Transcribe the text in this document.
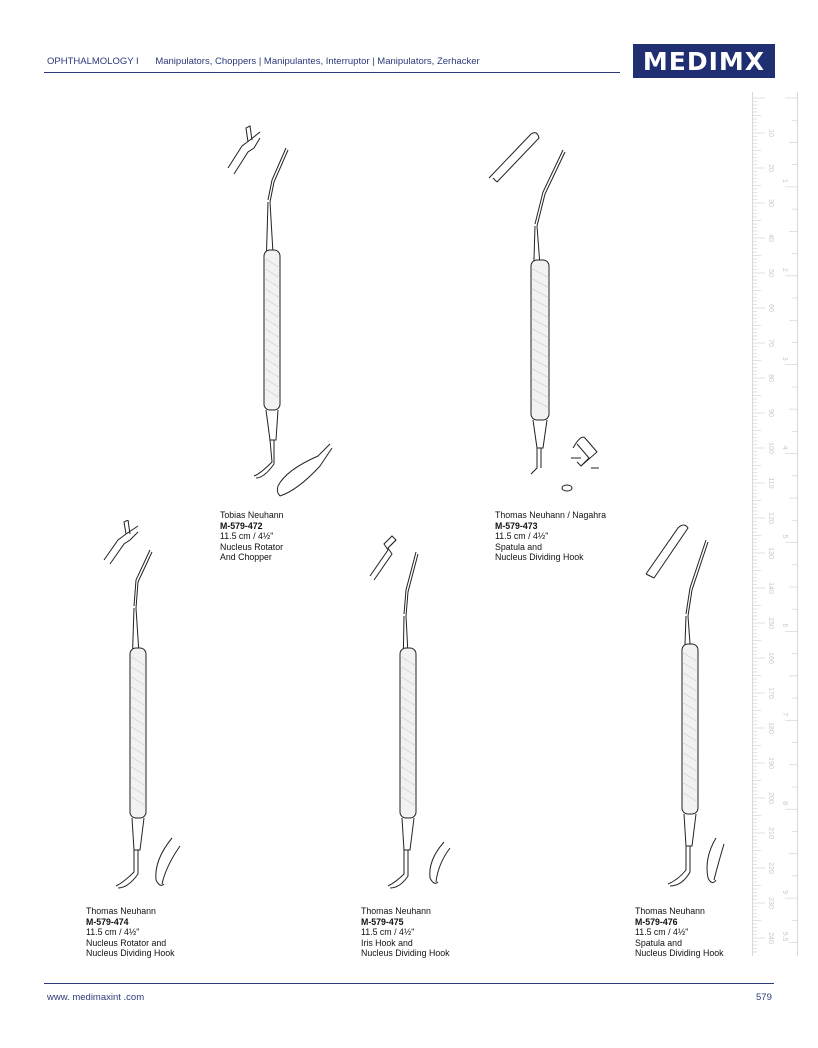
OPHTHALMOLOGY I Manipulators, Choppers | Manipulantes, Interruptor | Manipulators, Zerhacker	MEDIMX
10
20
30
40
50
60
70
80
90
100
110
120
130
140
150
160
170
180
190
200
210
220
230
240
1
2
3
4
5
6
7
8
9
9.5
Tobias Neuhann
M-579-472
11.5 cm / 4½"
Nucleus Rotator
And Chopper
Thomas Neuhann / Nagahra
M-579-473
11.5 cm / 4½"
Spatula and
Nucleus Dividing Hook
Thomas Neuhann
M-579-474
11.5 cm / 4½"
Nucleus Rotator and
Nucleus Dividing Hook
Thomas Neuhann
M-579-475
11.5 cm / 4½"
Iris Hook and
Nucleus Dividing Hook
Thomas Neuhann
M-579-476
11.5 cm / 4½"
Spatula and
Nucleus Dividing Hook
www. medimaxint .com	579
